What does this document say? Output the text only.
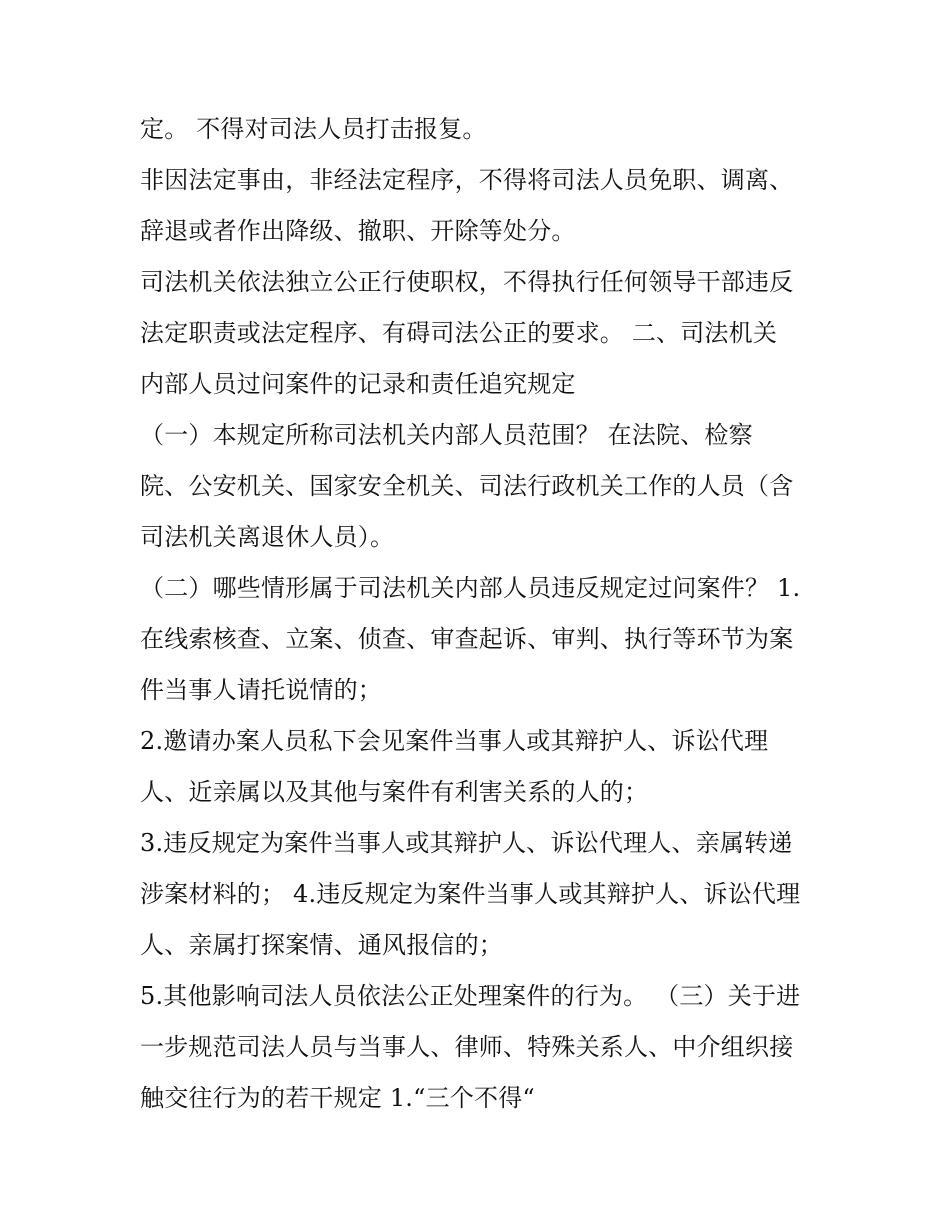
定。 不得对司法人员打击报复。
非因法定事由，非经法定程序，不得将司法人员免职、调离、
辞退或者作出降级、撤职、开除等处分。
司法机关依法独立公正行使职权，不得执行任何领导干部违反
法定职责或法定程序、有碍司法公正的要求。 二、司法机关
内部人员过问案件的记录和责任追究规定
（一）本规定所称司法机关内部人员范围？ 在法院、检察
院、公安机关、国家安全机关、司法行政机关工作的人员（含
司法机关离退休人员）。
（二）哪些情形属于司法机关内部人员违反规定过问案件？ 1.
在线索核查、立案、侦查、审查起诉、审判、执行等环节为案
件当事人请托说情的；
2.邀请办案人员私下会见案件当事人或其辩护人、诉讼代理
人、近亲属以及其他与案件有利害关系的人的；
3.违反规定为案件当事人或其辩护人、诉讼代理人、亲属转递
涉案材料的； 4.违反规定为案件当事人或其辩护人、诉讼代理
人、亲属打探案情、通风报信的；
5.其他影响司法人员依法公正处理案件的行为。 （三）关于进
一步规范司法人员与当事人、律师、特殊关系人、中介组织接
触交往行为的若干规定 1.“三个不得“
